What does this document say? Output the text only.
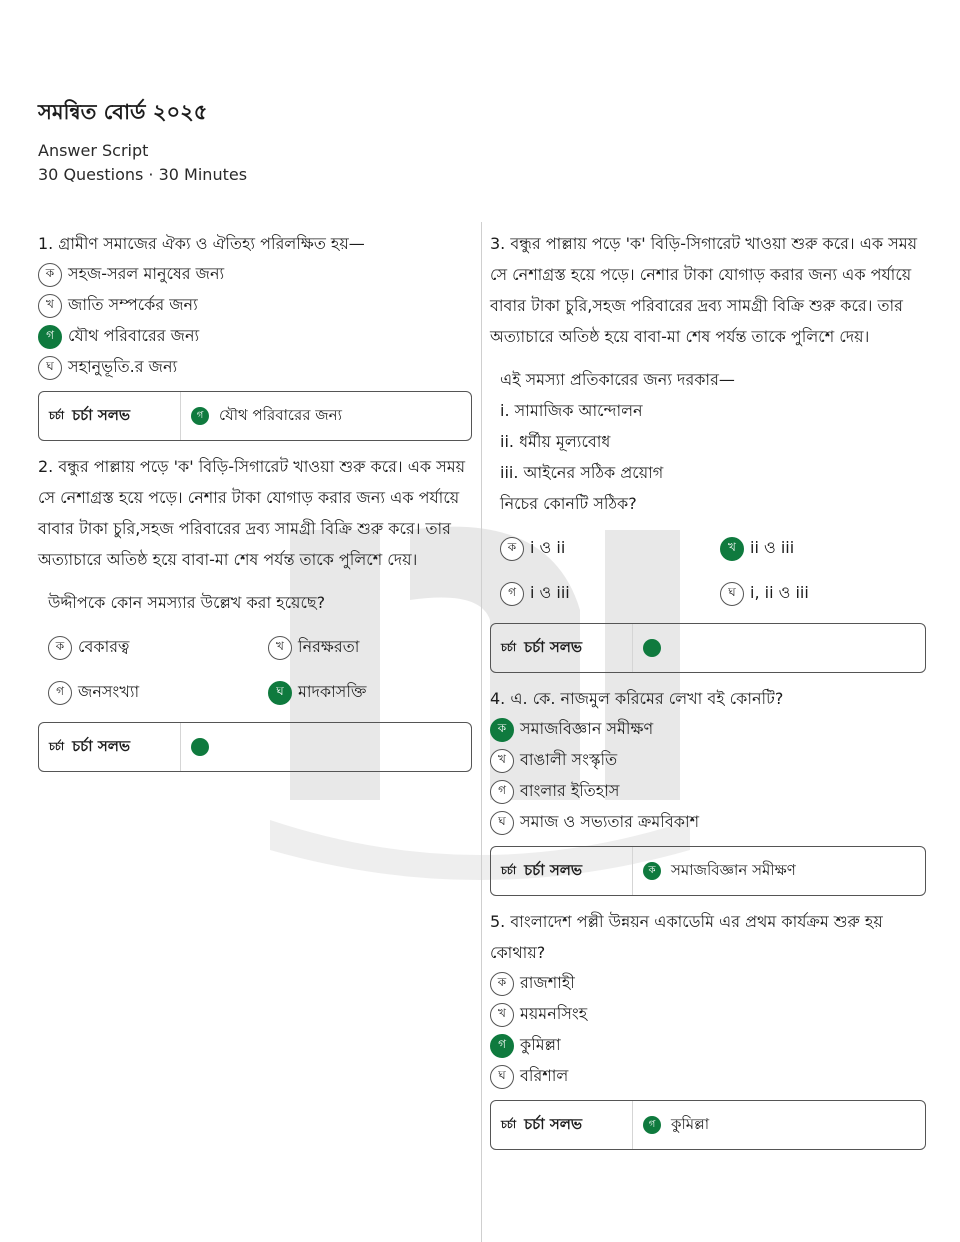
সমন্বিত বোর্ড ২০২৫
Answer Script
30 Questions · 30 Minutes
1. গ্রামীণ সমাজের ঐক্য ও ঐতিহ্য পরিলক্ষিত হয়—
ক সহজ-সরল মানুষের জন্য
খ জাতি সম্পর্কের জন্য
গ যৌথ পরিবারের জন্য
ঘ সহানুভূতি.র জন্য
চর্চা চর্চা সলভ	গ	যৌথ পরিবারের জন্য
2. বন্ধুর পাল্লায় পড়ে 'ক' বিড়ি-সিগারেট খাওয়া শুরু করে। এক সময় সে নেশাগ্রস্ত হয়ে পড়ে। নেশার টাকা যোগাড় করার জন্য এক পর্যায়ে বাবার টাকা চুরি,সহজ পরিবারের দ্রব্য সামগ্রী বিক্রি শুরু করে। তার অত্যাচারে অতিষ্ঠ হয়ে বাবা-মা শেষ পর্যন্ত তাকে পুলিশে দেয়।
উদ্দীপকে কোন সমস্যার উল্লেখ করা হয়েছে?
ক বেকারত্ব	খ নিরক্ষরতা
গ জনসংখ্যা	ঘ মাদকাসক্তি
চর্চা চর্চা সলভ
3. বন্ধুর পাল্লায় পড়ে 'ক' বিড়ি-সিগারেট খাওয়া শুরু করে। এক সময় সে নেশাগ্রস্ত হয়ে পড়ে। নেশার টাকা যোগাড় করার জন্য এক পর্যায়ে বাবার টাকা চুরি,সহজ পরিবারের দ্রব্য সামগ্রী বিক্রি শুরু করে। তার অত্যাচারে অতিষ্ঠ হয়ে বাবা-মা শেষ পর্যন্ত তাকে পুলিশে দেয়।
এই সমস্যা প্রতিকারের জন্য দরকার—
i. সামাজিক আন্দোলন
ii. ধর্মীয় মূল্যবোধ
iii. আইনের সঠিক প্রয়োগ
নিচের কোনটি সঠিক?
ক i ও ii	খ ii ও iii
গ i ও iii	ঘ i, ii ও iii
চর্চা চর্চা সলভ
4. এ. কে. নাজমুল করিমের লেখা বই কোনটি?
ক সমাজবিজ্ঞান সমীক্ষণ
খ বাঙালী সংস্কৃতি
গ বাংলার ইতিহাস
ঘ সমাজ ও সভ্যতার ক্রমবিকাশ
চর্চা চর্চা সলভ	ক	সমাজবিজ্ঞান সমীক্ষণ
5. বাংলাদেশ পল্লী উন্নয়ন একাডেমি এর প্রথম কার্যক্রম শুরু হয় কোথায়?
ক রাজশাহী
খ ময়মনসিংহ
গ কুমিল্লা
ঘ বরিশাল
চর্চা চর্চা সলভ	গ	কুমিল্লা
